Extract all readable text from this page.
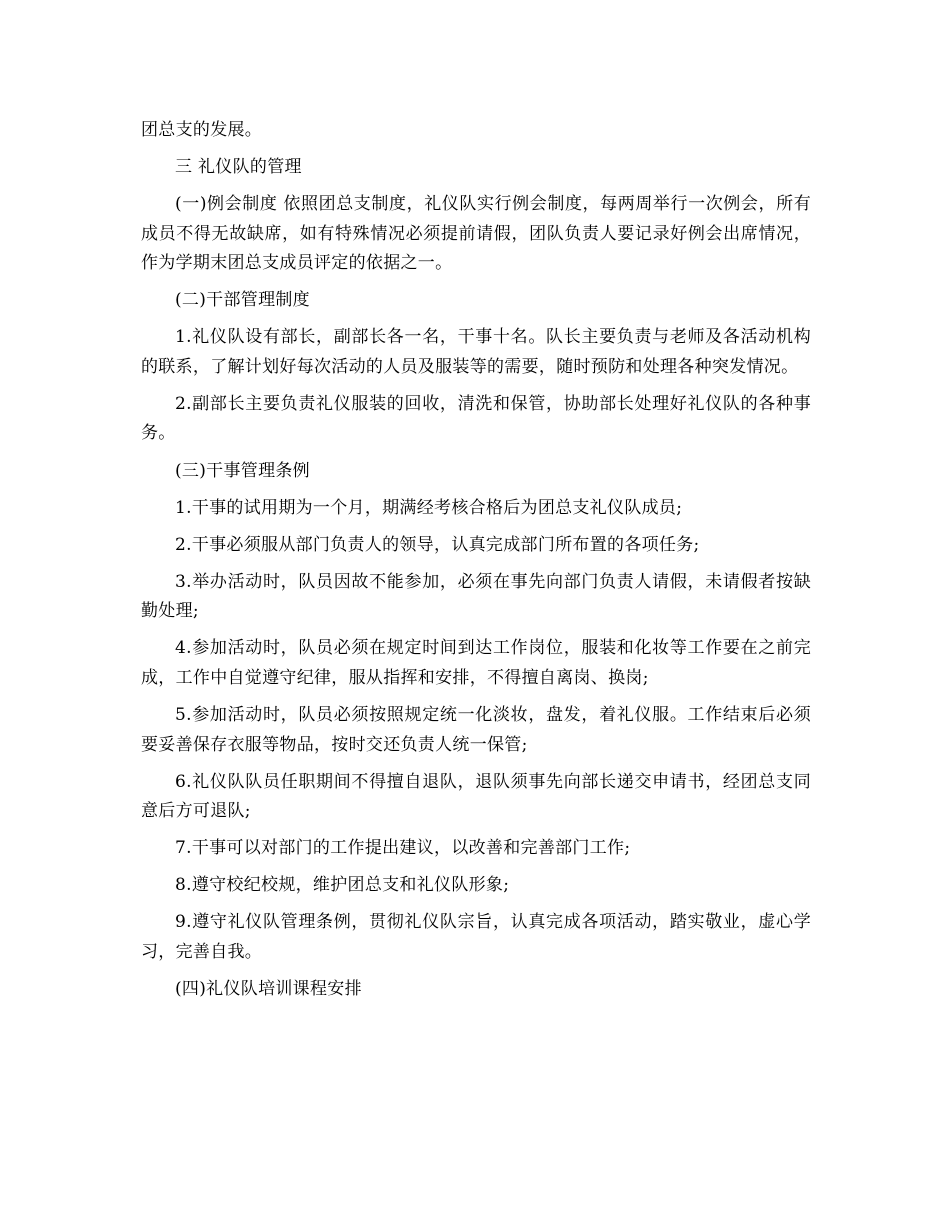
团总支的发展。

三 礼仪队的管理

(一)例会制度 依照团总支制度，礼仪队实行例会制度，每两周举行一次例会，所有成员不得无故缺席，如有特殊情况必须提前请假，团队负责人要记录好例会出席情况，作为学期末团总支成员评定的依据之一。

(二)干部管理制度

1.礼仪队设有部长，副部长各一名，干事十名。队长主要负责与老师及各活动机构的联系，了解计划好每次活动的人员及服装等的需要，随时预防和处理各种突发情况。

2.副部长主要负责礼仪服装的回收，清洗和保管，协助部长处理好礼仪队的各种事务。

(三)干事管理条例

1.干事的试用期为一个月，期满经考核合格后为团总支礼仪队成员;

2.干事必须服从部门负责人的领导，认真完成部门所布置的各项任务;

3.举办活动时，队员因故不能参加，必须在事先向部门负责人请假，未请假者按缺勤处理;

4.参加活动时，队员必须在规定时间到达工作岗位，服装和化妆等工作要在之前完成，工作中自觉遵守纪律，服从指挥和安排，不得擅自离岗、换岗;

5.参加活动时，队员必须按照规定统一化淡妆，盘发，着礼仪服。工作结束后必须要妥善保存衣服等物品，按时交还负责人统一保管;

6.礼仪队队员任职期间不得擅自退队，退队须事先向部长递交申请书，经团总支同意后方可退队;

7.干事可以对部门的工作提出建议，以改善和完善部门工作;

8.遵守校纪校规，维护团总支和礼仪队形象;

9.遵守礼仪队管理条例，贯彻礼仪队宗旨，认真完成各项活动，踏实敬业，虚心学习，完善自我。

(四)礼仪队培训课程安排
